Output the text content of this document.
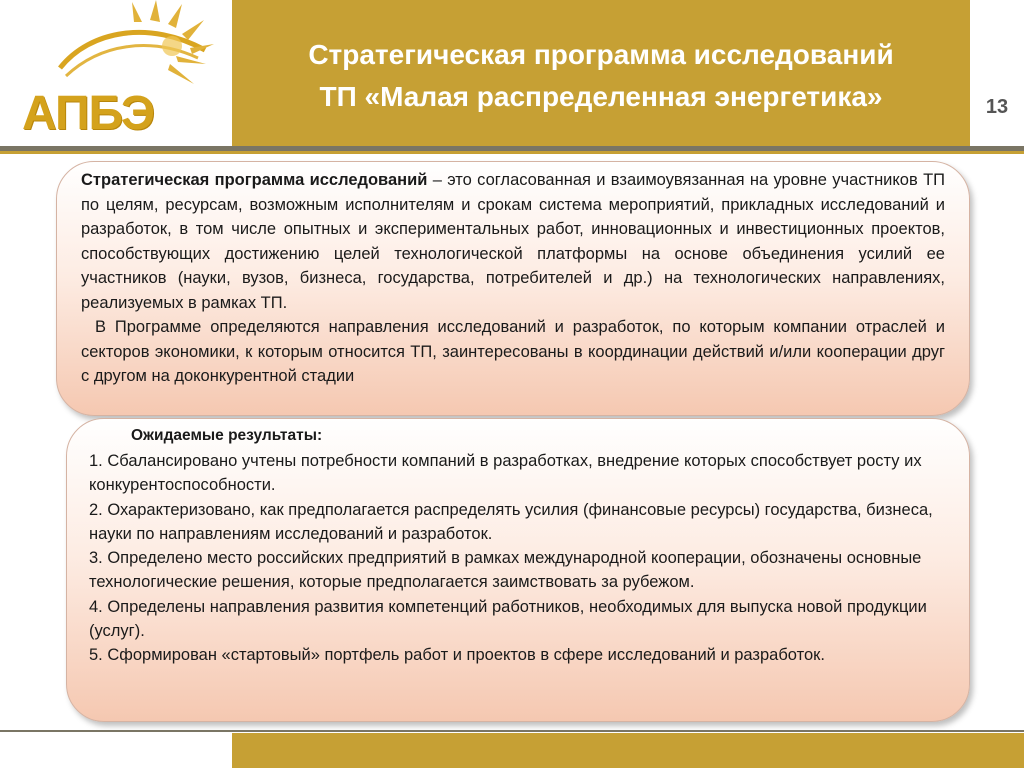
АПБЭ
Стратегическая программа исследований
ТП «Малая распределенная энергетика»	13

Стратегическая программа исследований – это согласованная и взаимоувязанная на уровне участников ТП по целям, ресурсам, возможным исполнителям и срокам система мероприятий, прикладных исследований и разработок, в том числе опытных и экспериментальных работ, инновационных и инвестиционных проектов, способствующих достижению целей технологической платформы на основе объединения усилий ее участников (науки, вузов, бизнеса, государства, потребителей и др.) на технологических направлениях, реализуемых в рамках ТП.

В Программе определяются направления исследований и разработок, по которым компании отраслей и секторов экономики, к которым относится ТП, заинтересованы в координации действий и/или кооперации друг с другом на доконкурентной стадии

Ожидаемые результаты:

1. Сбалансировано учтены потребности компаний в разработках, внедрение которых способствует росту их конкурентоспособности.

2. Охарактеризовано, как предполагается распределять усилия (финансовые ресурсы) государства, бизнеса, науки по направлениям исследований и разработок.

3. Определено место российских предприятий в рамках международной кооперации, обозначены основные технологические решения, которые предполагается заимствовать за рубежом.

4. Определены направления развития компетенций работников, необходимых для выпуска новой продукции (услуг).

5. Сформирован «стартовый» портфель работ и проектов в сфере исследований и разработок.
